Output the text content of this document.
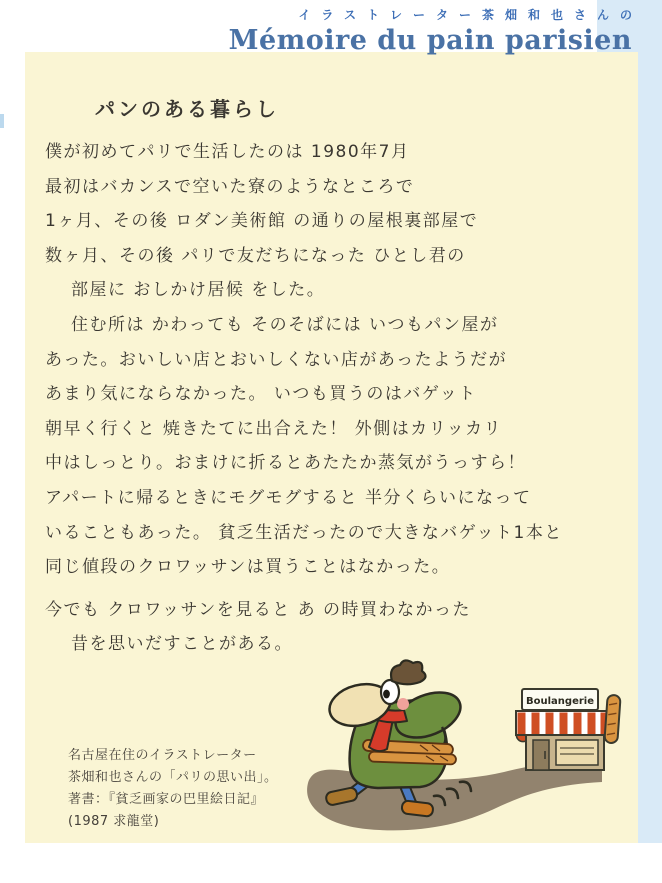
イラストレーター茶畑和也さんの
Mémoire du pain parisien
パンのある暮らし
僕が初めてパリで生活したのは 1980年7月
最初はバカンスで空いた寮のようなところで
1ヶ月、その後 ロダン美術館 の通りの屋根裏部屋で
数ヶ月、その後 パリで友だちになった ひとし君の
部屋に おしかけ居候 をした。
住む所は かわっても そのそばには いつもパン屋が
あった。おいしい店とおいしくない店があったようだが
あまり気にならなかった。 いつも買うのはバゲット
朝早く行くと 焼きたてに出合えた！ 外側はカリッカリ
中はしっとり。おまけに折るとあたたか蒸気がうっすら！
アパートに帰るときにモグモグすると 半分くらいになって
いることもあった。 貧乏生活だったので大きなバゲット1本と
同じ値段のクロワッサンは買うことはなかった。
今でも クロワッサンを見ると あ の時買わなかった
昔を思いだすことがある。
名古屋在住のイラストレーター
茶畑和也さんの「パリの思い出」。
著書：『貧乏画家の巴里絵日記』
(1987 求龍堂)
Boulangerie
